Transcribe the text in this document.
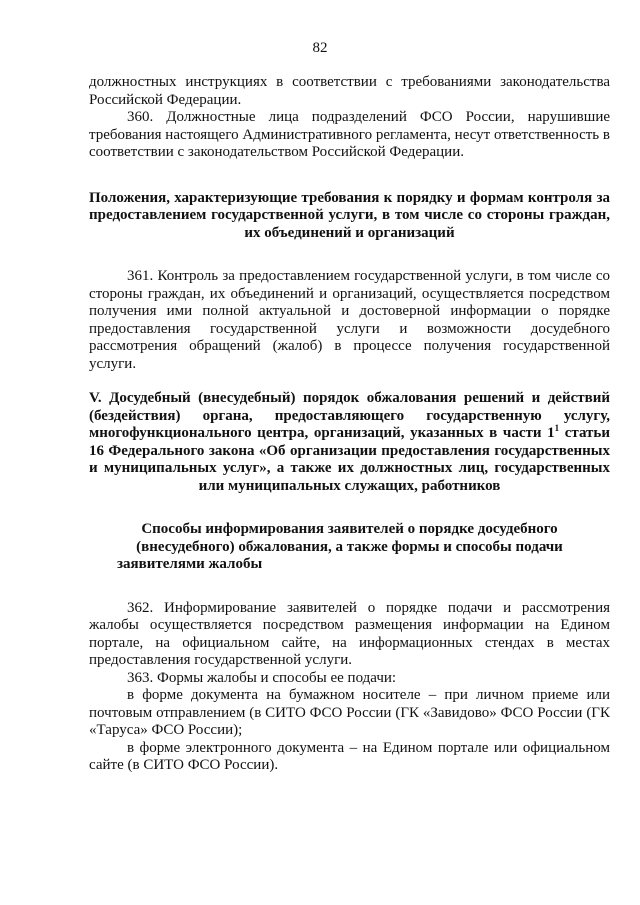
82

должностных инструкциях в соответствии с требованиями законодательства Российской Федерации.

360. Должностные лица подразделений ФСО России, нарушившие требования настоящего Административного регламента, несут ответственность в соответствии с законодательством Российской Федерации.

Положения, характеризующие требования к порядку и формам контроля за предоставлением государственной услуги, в том числе со стороны граждан, их объединений и организаций

361. Контроль за предоставлением государственной услуги, в том числе со стороны граждан, их объединений и организаций, осуществляется посредством получения ими полной актуальной и достоверной информации о порядке предоставления государственной услуги и возможности досудебного рассмотрения обращений (жалоб) в процессе получения государственной услуги.

V. Досудебный (внесудебный) порядок обжалования решений и действий (бездействия) органа, предоставляющего государственную услугу, многофункционального центра, организаций, указанных в части $1^1$ статьи 16 Федерального закона «Об организации предоставления государственных и муниципальных услуг», а также их должностных лиц, государственных или муниципальных служащих, работников

Способы информирования заявителей о порядке досудебного (внесудебного) обжалования, а также формы и способы подачи заявителями жалобы

362. Информирование заявителей о порядке подачи и рассмотрения жалобы осуществляется посредством размещения информации на Едином портале, на официальном сайте, на информационных стендах в местах предоставления государственной услуги.

363. Формы жалобы и способы ее подачи:

в форме документа на бумажном носителе – при личном приеме или почтовым отправлением (в СИТО ФСО России (ГК «Завидово» ФСО России (ГК «Таруса» ФСО России);

в форме электронного документа – на Едином портале или официальном сайте (в СИТО ФСО России).
